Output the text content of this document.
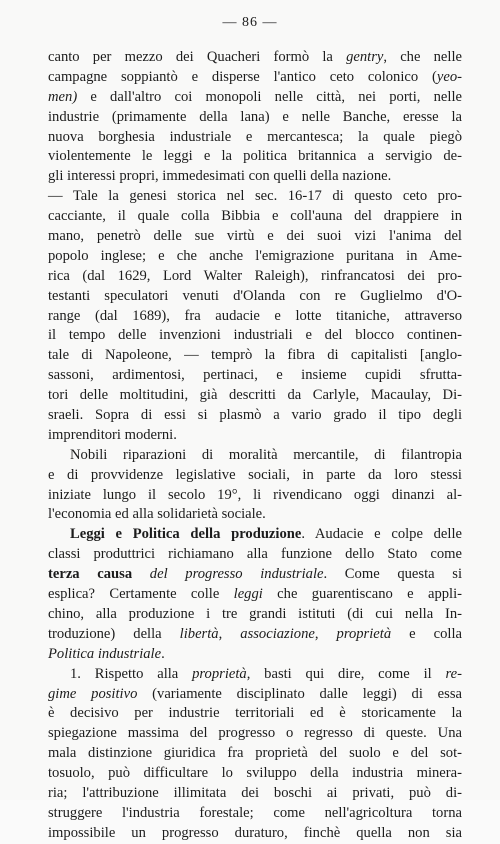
— 86 —
canto per mezzo dei Quacheri formò la gentry, che nelle
campagne soppiantò e disperse l'antico ceto colonico (yeo-
men) e dall'altro coi monopoli nelle città, nei porti, nelle
industrie (primamente della lana) e nelle Banche, eresse la
nuova borghesia industriale e mercantesca; la quale piegò
violentemente le leggi e la politica britannica a servigio de-
gli interessi propri, immedesimati con quelli della nazione.
— Tale la genesi storica nel sec. 16-17 di questo ceto pro-
cacciante, il quale colla Bibbia e coll'auna del drappiere in
mano, penetrò delle sue virtù e dei suoi vizi l'anima del
popolo inglese; e che anche l'emigrazione puritana in Ame-
rica (dal 1629, Lord Walter Raleigh), rinfrancatosi dei pro-
testanti speculatori venuti d'Olanda con re Guglielmo d'O-
range (dal 1689), fra audacie e lotte titaniche, attraverso
il tempo delle invenzioni industriali e del blocco continen-
tale di Napoleone, — temprò la fibra di capitalisti [anglo-
sassoni, ardimentosi, pertinaci, e insieme cupidi sfrutta-
tori delle moltitudini, già descritti da Carlyle, Macaulay, Di-
sraeli. Sopra di essi si plasmò a vario grado il tipo degli
imprenditori moderni.
Nobili riparazioni di moralità mercantile, di filantropia
e di provvidenze legislative sociali, in parte da loro stessi
iniziate lungo il secolo 19°, li rivendicano oggi dinanzi al-
l'economia ed alla solidarietà sociale.
Leggi e Politica della produzione. Audacie e colpe delle
classi produttrici richiamano alla funzione dello Stato come
terza causa del progresso industriale. Come questa si
esplica? Certamente colle leggi che guarentiscano e appli-
chino, alla produzione i tre grandi istituti (di cui nella In-
troduzione) della libertà, associazione, proprietà e colla
Politica industriale.
1. Rispetto alla proprietà, basti qui dire, come il re-
gime positivo (variamente disciplinato dalle leggi) di essa
è decisivo per industrie territoriali ed è storicamente la
spiegazione massima del progresso o regresso di queste. Una
mala distinzione giuridica fra proprietà del suolo e del sot-
tosuolo, può difficultare lo sviluppo della industria minera-
ria; l'attribuzione illimitata dei boschi ai privati, può di-
struggere l'industria forestale; come nell'agricoltura torna
impossibile un progresso duraturo, finchè quella non sia
